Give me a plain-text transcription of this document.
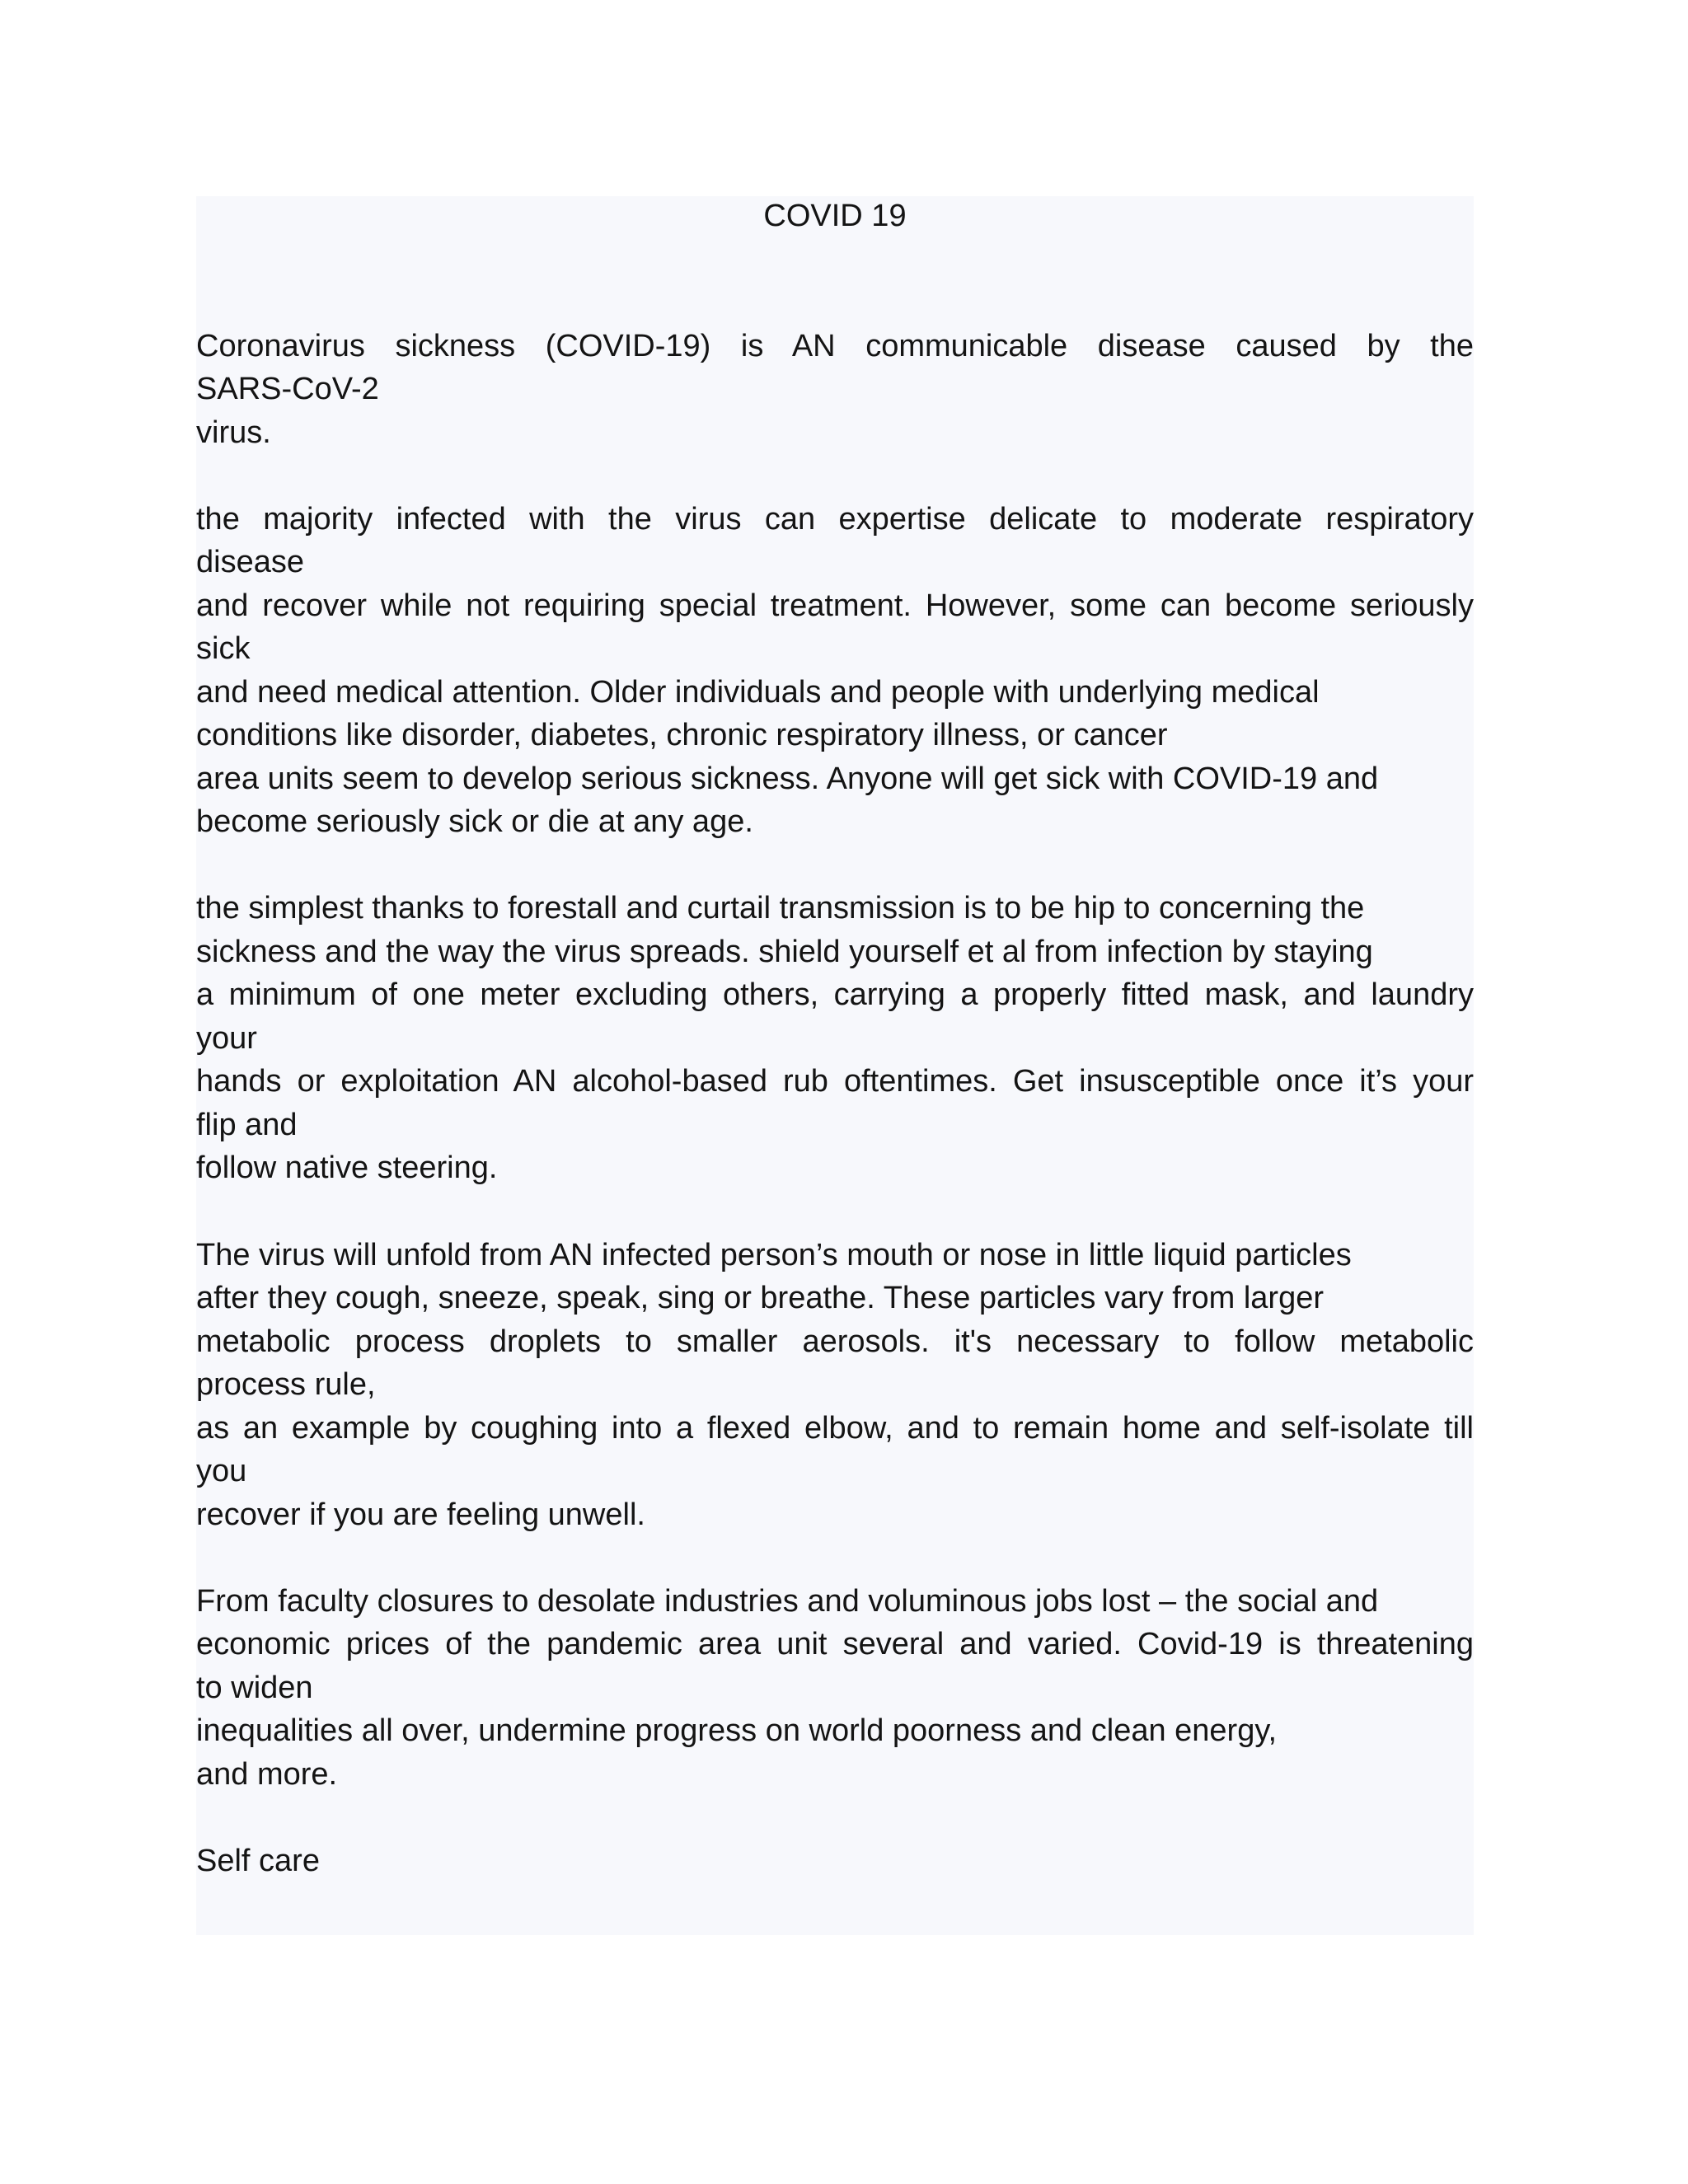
COVID 19
Coronavirus sickness (COVID-19) is AN communicable disease caused by the
SARS-CoV-2
virus.
the majority infected with the virus can expertise delicate to moderate respiratory
disease
and recover while not requiring special treatment. However, some can become seriously
sick
and need medical attention. Older individuals and people with underlying medical
conditions like disorder, diabetes, chronic respiratory illness, or cancer
area units seem to develop serious sickness. Anyone will get sick with COVID-19 and
become seriously sick or die at any age.
the simplest thanks to forestall and curtail transmission is to be hip to concerning the
sickness and the way the virus spreads. shield yourself et al from infection by staying
a minimum of one meter excluding others, carrying a properly fitted mask, and laundry
your
hands or exploitation AN alcohol-based rub oftentimes. Get insusceptible once it’s your
flip and
follow native steering.
The virus will unfold from AN infected person’s mouth or nose in little liquid particles
after they cough, sneeze, speak, sing or breathe. These particles vary from larger
metabolic process droplets to smaller aerosols. it's necessary to follow metabolic
process rule,
as an example by coughing into a flexed elbow, and to remain home and self-isolate till
you
recover if you are feeling unwell.
From faculty closures to desolate industries and voluminous jobs lost – the social and
economic prices of the pandemic area unit several and varied. Covid-19 is threatening
to widen
inequalities all over, undermine progress on world poorness and clean energy,
and more.
Self care
